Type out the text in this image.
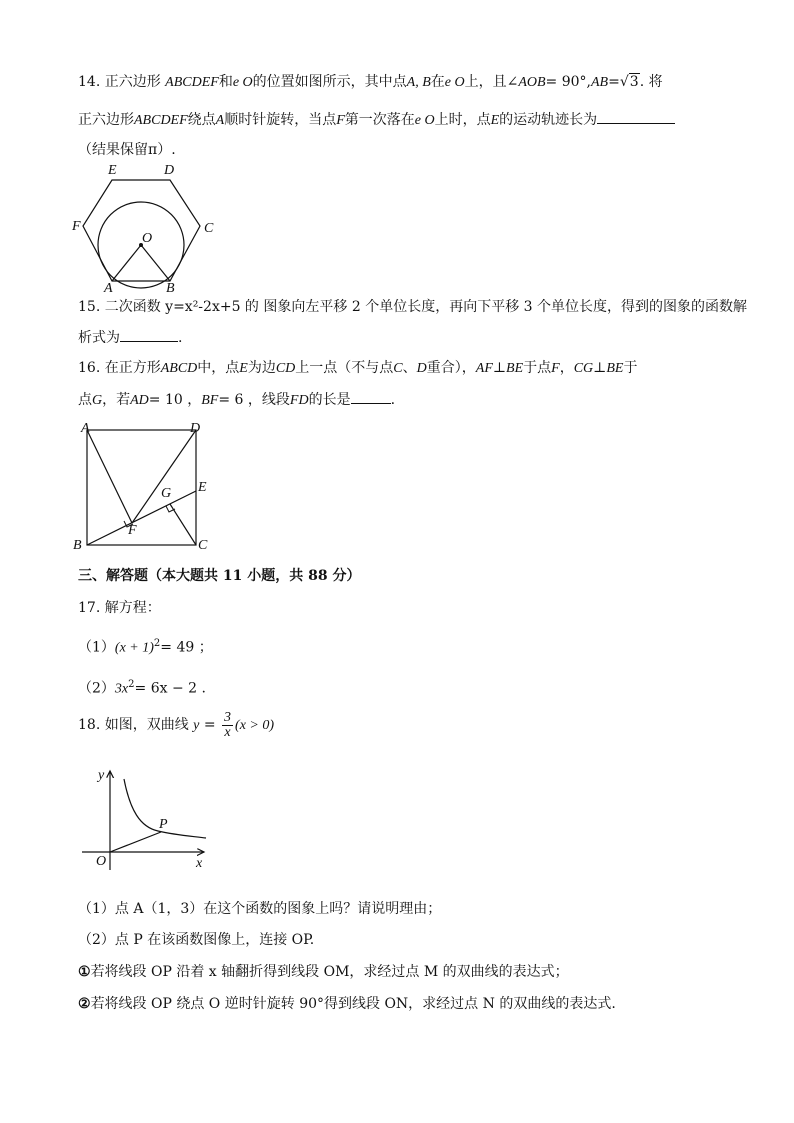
14. 正六边形 ABCDEF和e O的位置如图所示，其中点A, B在e O上，且∠AOB= 90°,AB=√3. 将
正六边形ABCDEF绕点A顺时针旋转，当点F第一次落在e O上时，点E的运动轨迹长为
（结果保留π）.
E	D
F	C
O
A	B
15. 二次函数 y=x²-2x+5 的 图象向左平移 2 个单位长度，再向下平移 3 个单位长度，得到的图象的函数解
析式为	.
16. 在正方形ABCD中，点E为边CD上一点（不与点C、D重合），AF⊥BE于点F，CG⊥BE于
点G，若AD= 10 ，BF= 6 ，线段FD的长是	.
A	D
E
G
F
B	C
三、解答题（本大题共 11 小题，共 88 分）
17. 解方程：
$(1)(x + 1)^2= 49$ ；
$(2)3x^2= 6x - 2$ .
18. 如图，双曲线 $y = \frac{3}{x} (x > 0)$
y
x
O
P
（1）点 A（1，3）在这个函数的图象上吗？请说明理由；
（2）点 P 在该函数图像上，连接 OP.
①若将线段 OP 沿着 x 轴翻折得到线段 OM，求经过点 M 的双曲线的表达式；
②若将线段 OP 绕点 O 逆时针旋转 90°得到线段 ON，求经过点 N 的双曲线的表达式.
